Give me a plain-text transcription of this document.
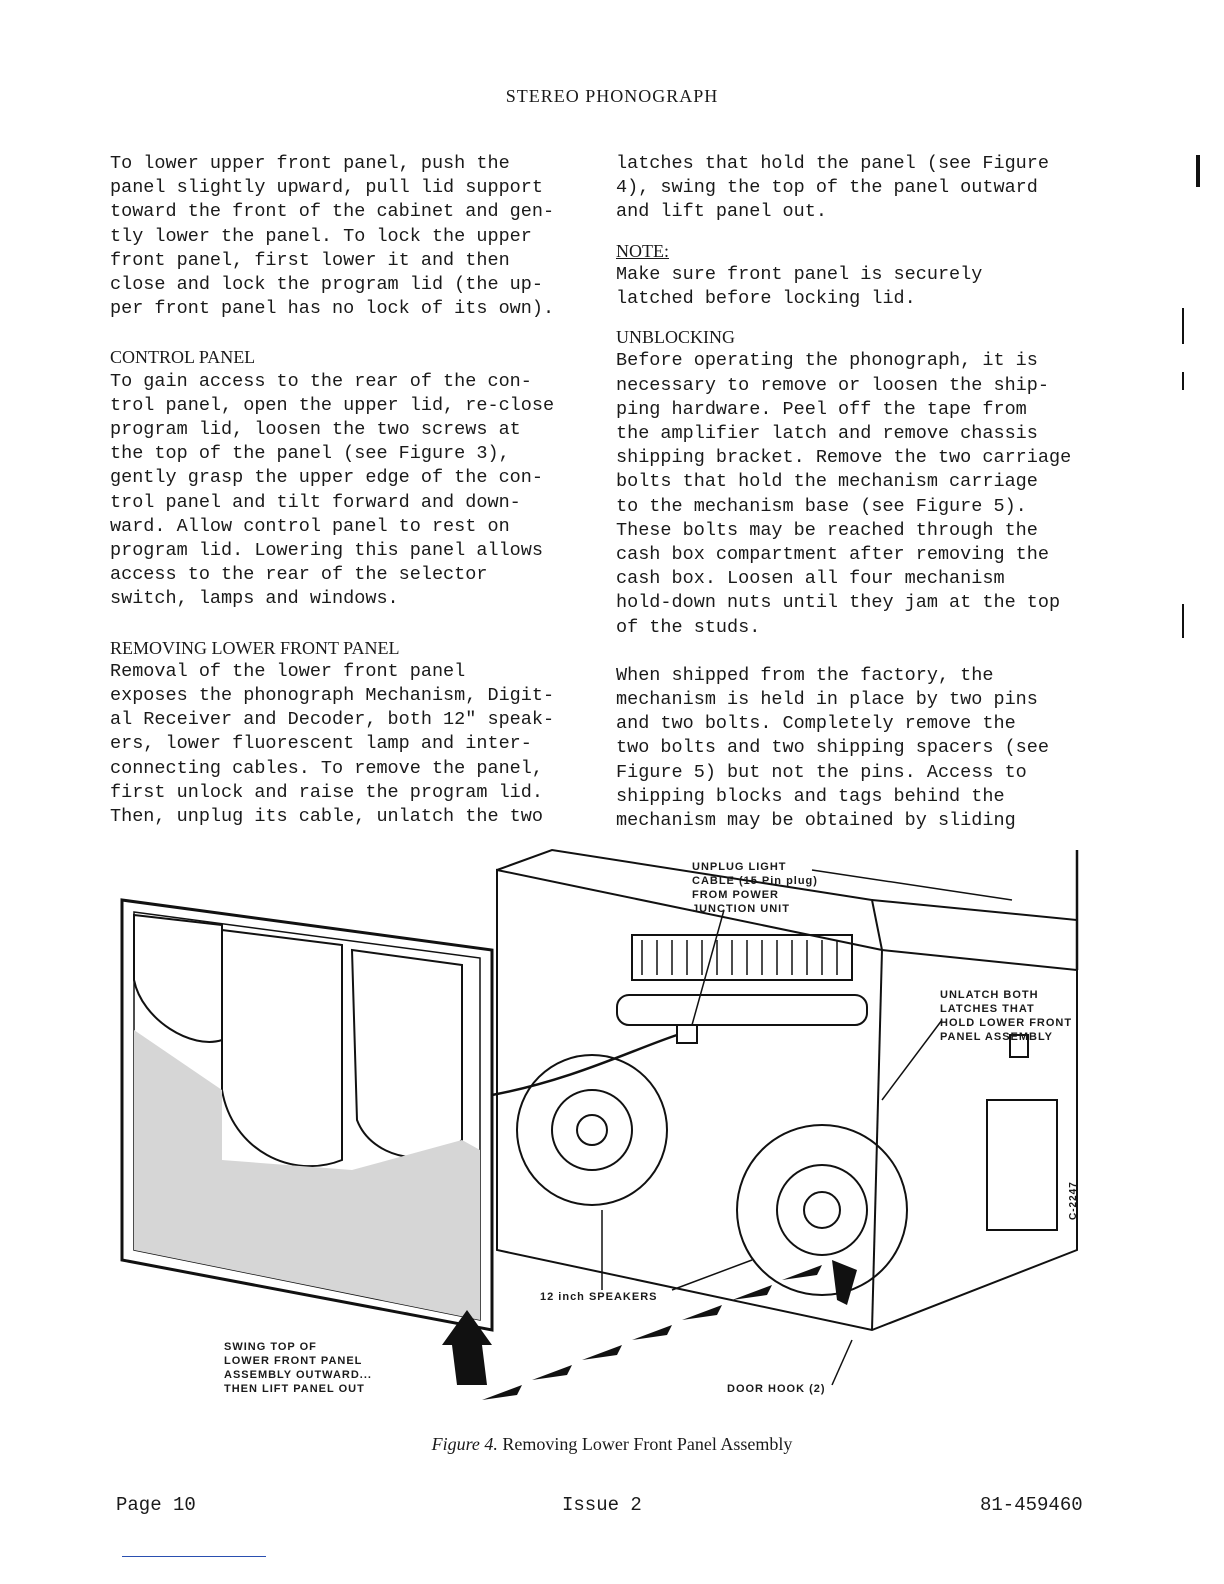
STEREO PHONOGRAPH

To lower upper front panel, push the
panel slightly upward, pull lid support
toward the front of the cabinet and gen-
tly lower the panel. To lock the upper
front panel, first lower it and then
close and lock the program lid (the up-
per front panel has no lock of its own).

CONTROL PANEL

To gain access to the rear of the con-
trol panel, open the upper lid, re-close
program lid, loosen the two screws at
the top of the panel (see Figure 3),
gently grasp the upper edge of the con-
trol panel and tilt forward and down-
ward. Allow control panel to rest on
program lid. Lowering this panel allows
access to the rear of the selector
switch, lamps and windows.

REMOVING LOWER FRONT PANEL

Removal of the lower front panel
exposes the phonograph Mechanism, Digit-
al Receiver and Decoder, both 12" speak-
ers, lower fluorescent lamp and inter-
connecting cables. To remove the panel,
first unlock and raise the program lid.
Then, unplug its cable, unlatch the two

latches that hold the panel (see Figure
4), swing the top of the panel outward
and lift panel out.

NOTE:

Make sure front panel is securely
latched before locking lid.

UNBLOCKING

Before operating the phonograph, it is
necessary to remove or loosen the ship-
ping hardware. Peel off the tape from
the amplifier latch and remove chassis
shipping bracket. Remove the two carriage
bolts that hold the mechanism carriage
to the mechanism base (see Figure 5).
These bolts may be reached through the
cash box compartment after removing the
cash box. Loosen all four mechanism
hold-down nuts until they jam at the top
of the studs.

When shipped from the factory, the
mechanism is held in place by two pins
and two bolts. Completely remove the
two bolts and two shipping spacers (see
Figure 5) but not the pins. Access to
shipping blocks and tags behind the
mechanism may be obtained by sliding

UNPLUG LIGHT
CABLE (15 Pin plug)
FROM POWER
JUNCTION UNIT
UNLATCH BOTH
LATCHES THAT
HOLD LOWER FRONT
PANEL ASSEMBLY
12 inch SPEAKERS
SWING TOP OF
LOWER FRONT PANEL
ASSEMBLY OUTWARD...
THEN LIFT PANEL OUT	DOOR HOOK (2)
C-2247
Figure 4. Removing Lower Front Panel Assembly
Page 10	Issue 2	81-459460
